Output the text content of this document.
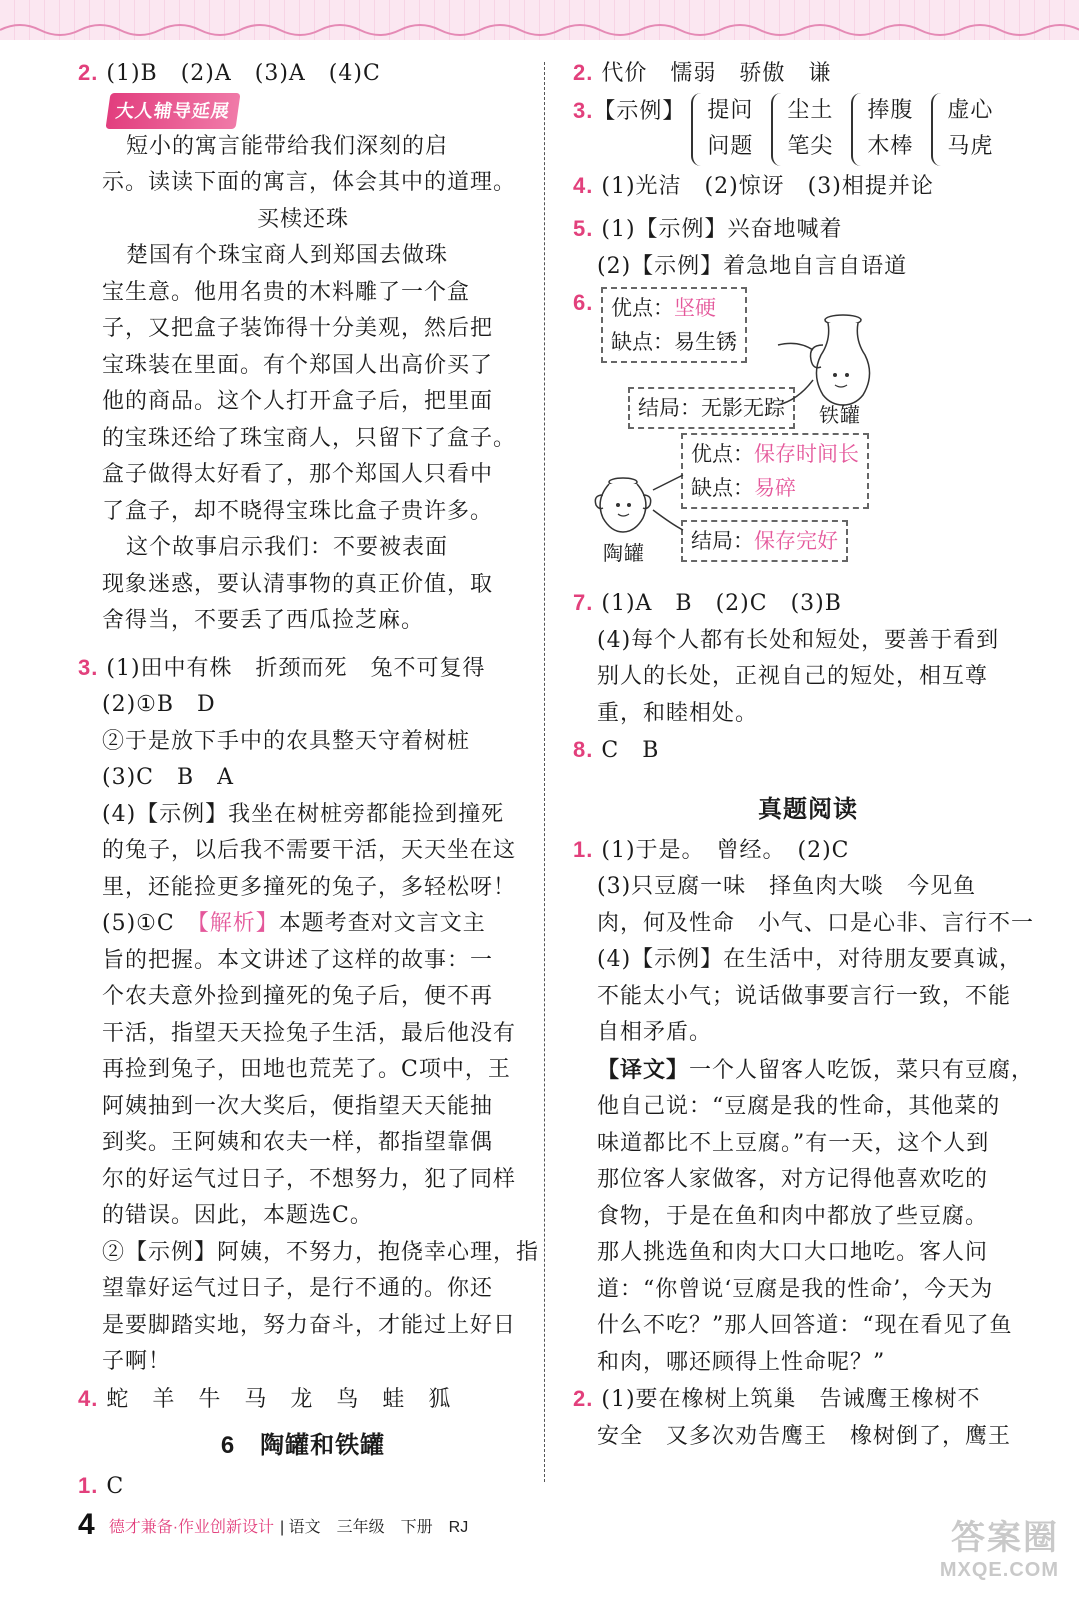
2. (1)B　(2)A　(3)A　(4)C
大人辅导延展
短小的寓言能带给我们深刻的启
示。读读下面的寓言，体会其中的道理。
买椟还珠
楚国有个珠宝商人到郑国去做珠
宝生意。他用名贵的木料雕了一个盒
子，又把盒子装饰得十分美观，然后把
宝珠装在里面。有个郑国人出高价买了
他的商品。这个人打开盒子后，把里面
的宝珠还给了珠宝商人，只留下了盒子。
盒子做得太好看了，那个郑国人只看中
了盒子，却不晓得宝珠比盒子贵许多。
这个故事启示我们：不要被表面
现象迷惑，要认清事物的真正价值，取
舍得当，不要丢了西瓜捡芝麻。
3. (1)田中有株　折颈而死　兔不可复得
(2)①B　D
②于是放下手中的农具整天守着树桩
(3)C　B　A
(4)【示例】我坐在树桩旁都能捡到撞死
的兔子，以后我不需要干活，天天坐在这
里，还能捡更多撞死的兔子，多轻松呀！
(5)①C　 【解析】本题考查对文言文主
旨的把握。本文讲述了这样的故事：一
个农夫意外捡到撞死的兔子后，便不再
干活，指望天天捡兔子生活，最后他没有
再捡到兔子，田地也荒芜了。C项中，王
阿姨抽到一次大奖后，便指望天天能抽
到奖。王阿姨和农夫一样，都指望靠偶
尔的好运气过日子，不想努力，犯了同样
的错误。因此，本题选C。
②【示例】阿姨，不努力，抱侥幸心理，指
望靠好运气过日子，是行不通的。你还
是要脚踏实地，努力奋斗，才能过上好日
子啊！
4. 蛇　羊　牛　马　龙　鸟　蛙　狐
6　 陶罐和铁罐
1. C
2. 代价　懦弱　骄傲　谦
3.【示例】 提问
问题
尘土
笔尖
捧腹
木棒
虚心
马虎
4. (1)光洁　(2)惊讶　(3)相提并论
5. (1)【示例】兴奋地喊着
(2)【示例】着急地自言自语道
6. 优点：坚硬
缺点：易生锈
结局：无影无踪	铁罐
优点：保存时间长
缺点：易碎
结局：保存完好
陶罐
7. (1)A　B　(2)C　(3)B
(4)每个人都有长处和短处，要善于看到
别人的长处，正视自己的短处，相互尊
重，和睦相处。
8. C　B
真题阅读
1. (1)于是。　曾经。　(2)C
(3)只豆腐一味　择鱼肉大啖　今见鱼
肉，何及性命　小气、口是心非、言行不一
(4)【示例】在生活中，对待朋友要真诚，
不能太小气；说话做事要言行一致，不能
自相矛盾。
【译文】一个人留客人吃饭，菜只有豆腐，
他自己说：“豆腐是我的性命，其他菜的
味道都比不上豆腐。”有一天，这个人到
那位客人家做客，对方记得他喜欢吃的
食物，于是在鱼和肉中都放了些豆腐。
那人挑选鱼和肉大口大口地吃。客人问
道：“你曾说‘豆腐是我的性命’，今天为
什么不吃？”那人回答道：“现在看见了鱼
和肉，哪还顾得上性命呢？”
2. (1)要在橡树上筑巢　告诫鹰王橡树不
安全　又多次劝告鹰王　橡树倒了，鹰王
4 德才兼备·作业创新设计 | 语文　三年级　下册　RJ	答案圈
MXQE.COM
